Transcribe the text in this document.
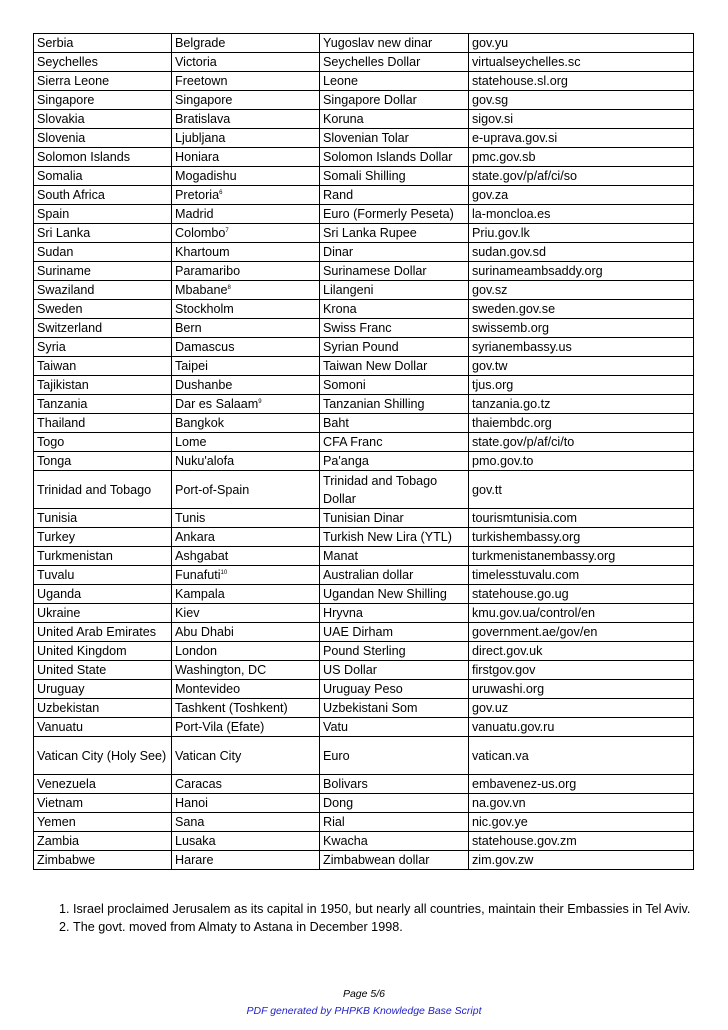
Serbia	Belgrade	Yugoslav new dinar	gov.yu
Seychelles	Victoria	Seychelles Dollar	virtualseychelles.sc
Sierra Leone	Freetown	Leone	statehouse.sl.org
Singapore	Singapore	Singapore Dollar	gov.sg
Slovakia	Bratislava	Koruna	sigov.si
Slovenia	Ljubljana	Slovenian Tolar	e-uprava.gov.si
Solomon Islands	Honiara	Solomon Islands Dollar	pmc.gov.sb
Somalia	Mogadishu	Somali Shilling	state.gov/p/af/ci/so
South Africa	Pretoria$^6$	Rand	gov.za
Spain	Madrid	Euro (Formerly Peseta)	la-moncloa.es
Sri Lanka	Colombo$^7$	Sri Lanka Rupee	Priu.gov.lk
Sudan	Khartoum	Dinar	sudan.gov.sd
Suriname	Paramaribo	Surinamese Dollar	surinameambsaddy.org
Swaziland	Mbabane$^8$	Lilangeni	gov.sz
Sweden	Stockholm	Krona	sweden.gov.se
Switzerland	Bern	Swiss Franc	swissemb.org
Syria	Damascus	Syrian Pound	syrianembassy.us
Taiwan	Taipei	Taiwan New Dollar	gov.tw
Tajikistan	Dushanbe	Somoni	tjus.org
Tanzania	Dar es Salaam$^9$	Tanzanian Shilling	tanzania.go.tz
Thailand	Bangkok	Baht	thaiembdc.org
Togo	Lome	CFA Franc	state.gov/p/af/ci/to
Tonga	Nuku'alofa	Pa'anga	pmo.gov.to
Trinidad and Tobago	Port-of-Spain	Trinidad and Tobago Dollar	gov.tt
Tunisia	Tunis	Tunisian Dinar	tourismtunisia.com
Turkey	Ankara	Turkish New Lira (YTL)	turkishembassy.org
Turkmenistan	Ashgabat	Manat	turkmenistanembassy.org
Tuvalu	Funafuti$^{10}$	Australian dollar	timelesstuvalu.com
Uganda	Kampala	Ugandan New Shilling	statehouse.go.ug
Ukraine	Kiev	Hryvna	kmu.gov.ua/control/en
United Arab Emirates	Abu Dhabi	UAE Dirham	government.ae/gov/en
United Kingdom	London	Pound Sterling	direct.gov.uk
United State	Washington, DC	US Dollar	firstgov.gov
Uruguay	Montevideo	Uruguay Peso	uruwashi.org
Uzbekistan	Tashkent (Toshkent)	Uzbekistani Som	gov.uz
Vanuatu	Port-Vila (Efate)	Vatu	vanuatu.gov.ru
Vatican City (Holy See)	Vatican City	Euro	vatican.va
Venezuela	Caracas	Bolivars	embavenez-us.org
Vietnam	Hanoi	Dong	na.gov.vn
Yemen	Sana	Rial	nic.gov.ye
Zambia	Lusaka	Kwacha	statehouse.gov.zm
Zimbabwe	Harare	Zimbabwean dollar	zim.gov.zw
1. Israel proclaimed Jerusalem as its capital in 1950, but nearly all countries, maintain their Embassies in Tel Aviv.
2. The govt. moved from Almaty to Astana in December 1998.
Page 5/6
PDF generated by PHPKB Knowledge Base Script
